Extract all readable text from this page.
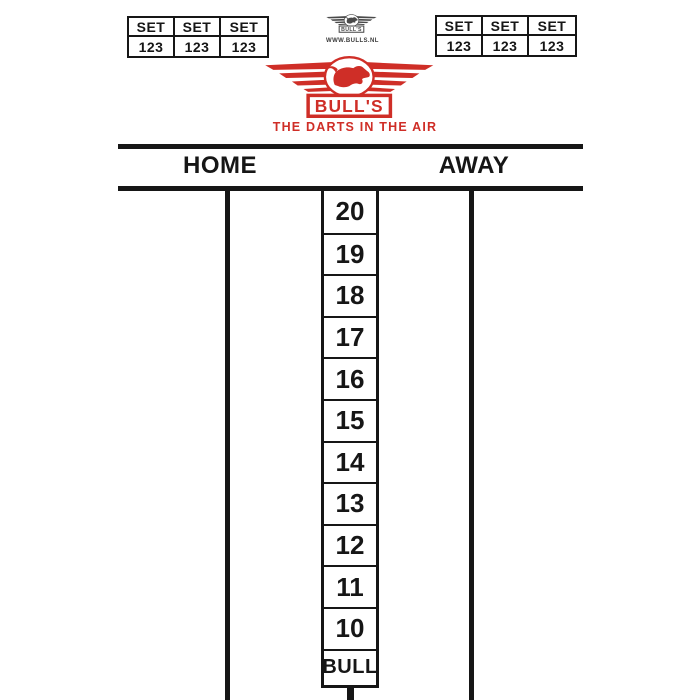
SET	SET	SET
123	123	123
SET	SET	SET
123	123	123
BULL'S
WWW.BULLS.NL
BULL'S
THE DARTS IN THE AIR
HOME	AWAY
20
19
18
17
16
15
14
13
12
11
10
BULL
